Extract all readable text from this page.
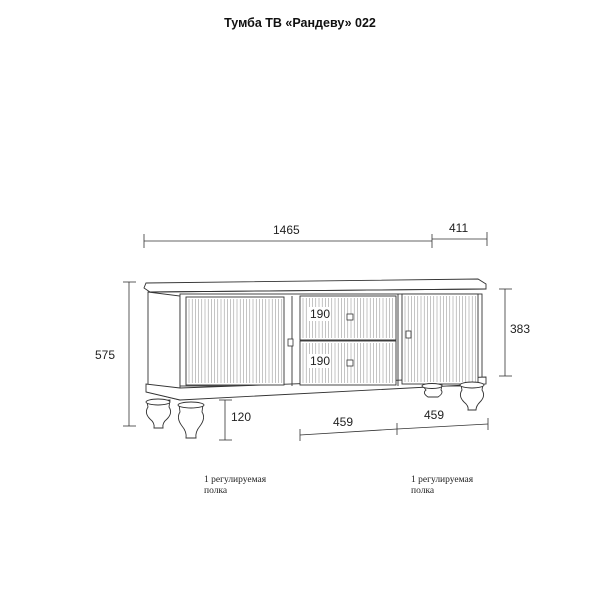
Тумба ТВ «Рандеву» 022
1465	411
575
383
120
190
190
459	459
1 регулируемая
полка
1 регулируемая
полка
